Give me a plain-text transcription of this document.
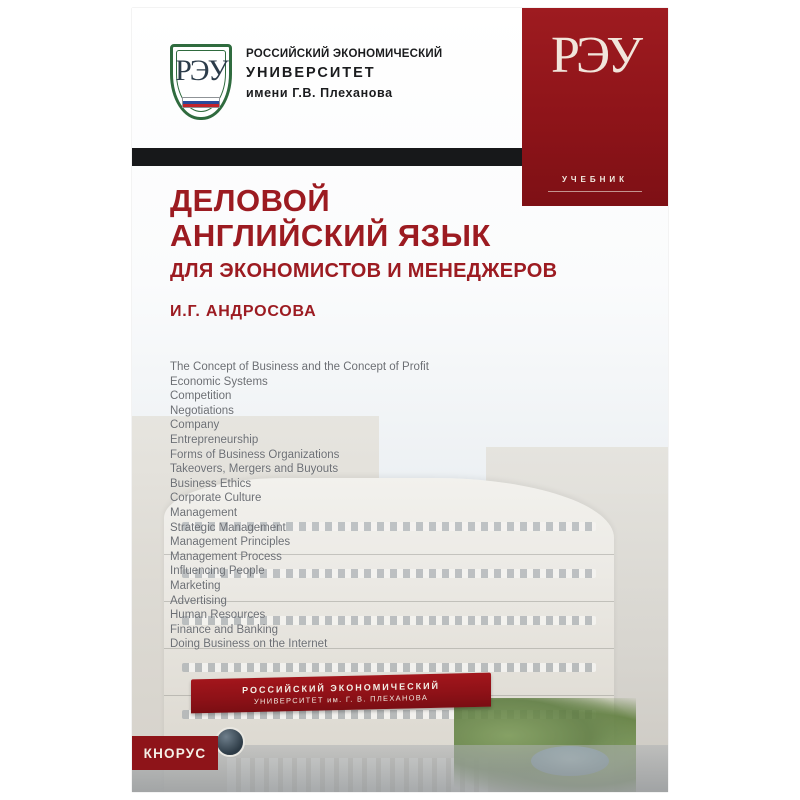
РОССИЙСКИЙ ЭКОНОМИЧЕСКИЙ
УНИВЕРСИТЕТ им. Г. В. ПЛЕХАНОВА
РЭУ
УЧЕБНИК
РЭУ	РОССИЙСКИЙ ЭКОНОМИЧЕСКИЙ
УНИВЕРСИТЕТ
имени Г.В. Плеханова
ДЕЛОВОЙ
АНГЛИЙСКИЙ ЯЗЫК
ДЛЯ ЭКОНОМИСТОВ И МЕНЕДЖЕРОВ
И.Г. АНДРОСОВА
The Concept of Business and the Concept of Profit
Economic Systems
Competition
Negotiations
Company
Entrepreneurship
Forms of Business Organizations
Takeovers, Mergers and Buyouts
Business Ethics
Corporate Culture
Management
Strategic Management
Management Principles
Management Process
Influencing People
Marketing
Advertising
Human Resources
Finance and Banking
Doing Business on the Internet
КНОРУС
